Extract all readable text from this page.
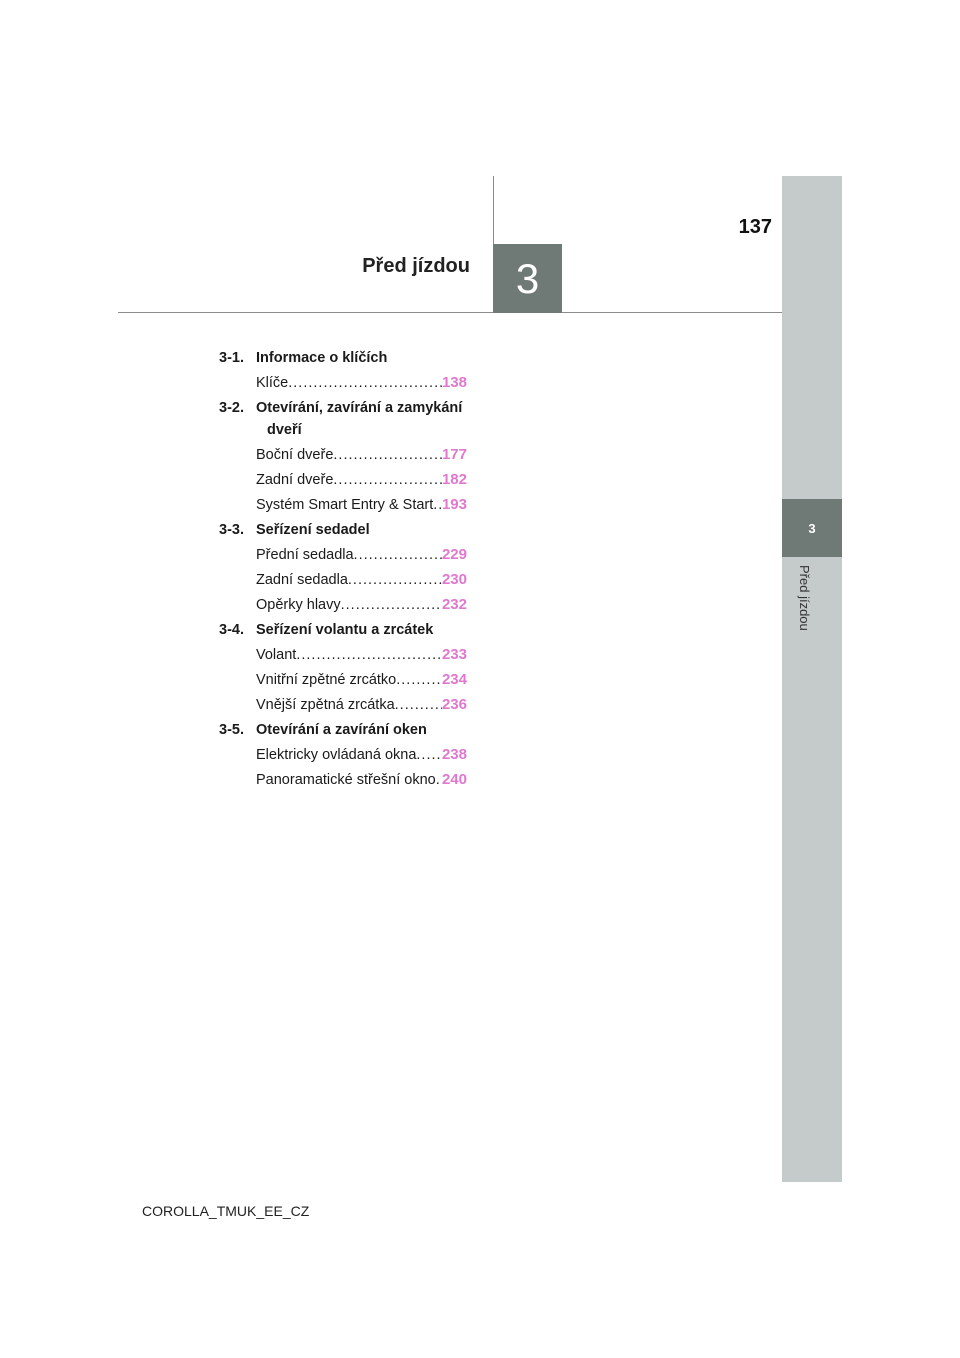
3
Před jízdou
3
Před jízdou
137
3-1. Informace o klíčích
Klíče .....	138
3-2. Otevírání, zavírání a zamykání dveří
Boční dveře .....	177
Zadní dveře .....	182
Systém Smart Entry & Start ..... 193
3-3. Seřízení sedadel
Přední sedadla .....	229
Zadní sedadla .....	230
Opěrky hlavy .....	232
3-4. Seřízení volantu a zrcátek
Volant .....	233
Vnitřní zpětné zrcátko .....	234
Vnější zpětná zrcátka .....	236
3-5. Otevírání a zavírání oken
Elektricky ovládaná okna ..... 238
Panoramatické střešní okno ..... 240
COROLLA_TMUK_EE_CZ
